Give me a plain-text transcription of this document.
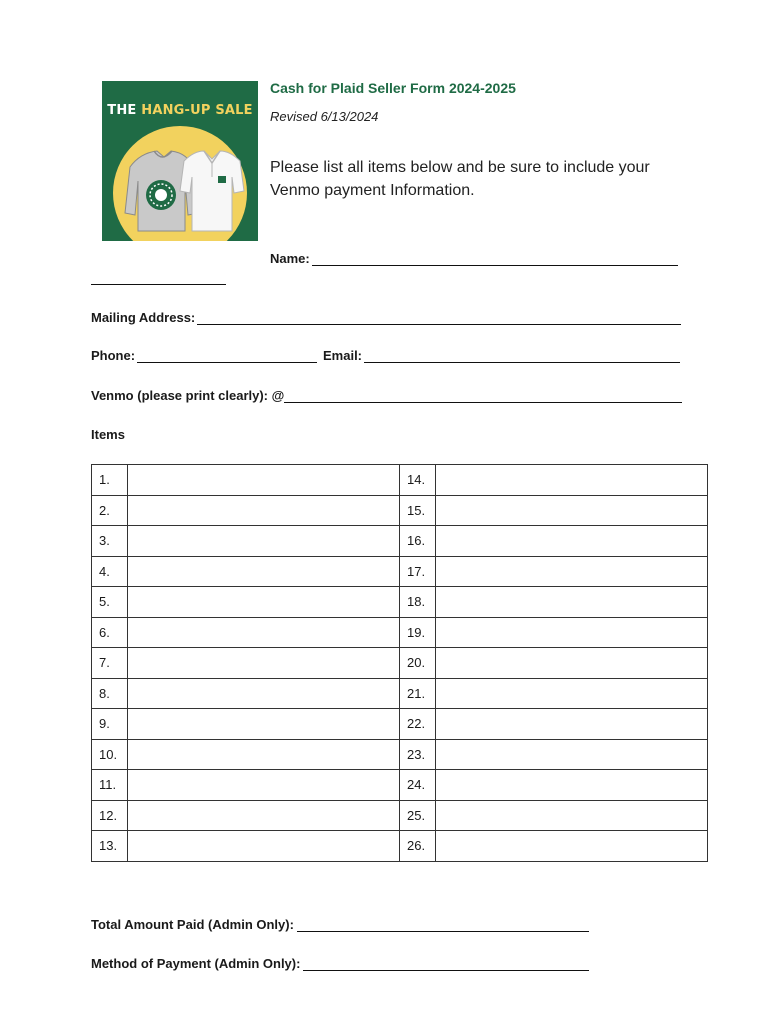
THE HANG-UP SALE
Cash for Plaid Seller Form 2024-2025
Revised 6/13/2024
Please list all items below and be sure to include your Venmo payment Information.
Name:
Mailing Address:
Phone:	Email:
Venmo (please print clearly): @
Items
1.		14.	
2.		15.	
3.		16.	
4.		17.	
5.		18.	
6.		19.	
7.		20.	
8.		21.	
9.		22.	
10.		23.	
11.		24.	
12.		25.	
13.		26.	
Total Amount Paid (Admin Only):
Method of Payment (Admin Only):
